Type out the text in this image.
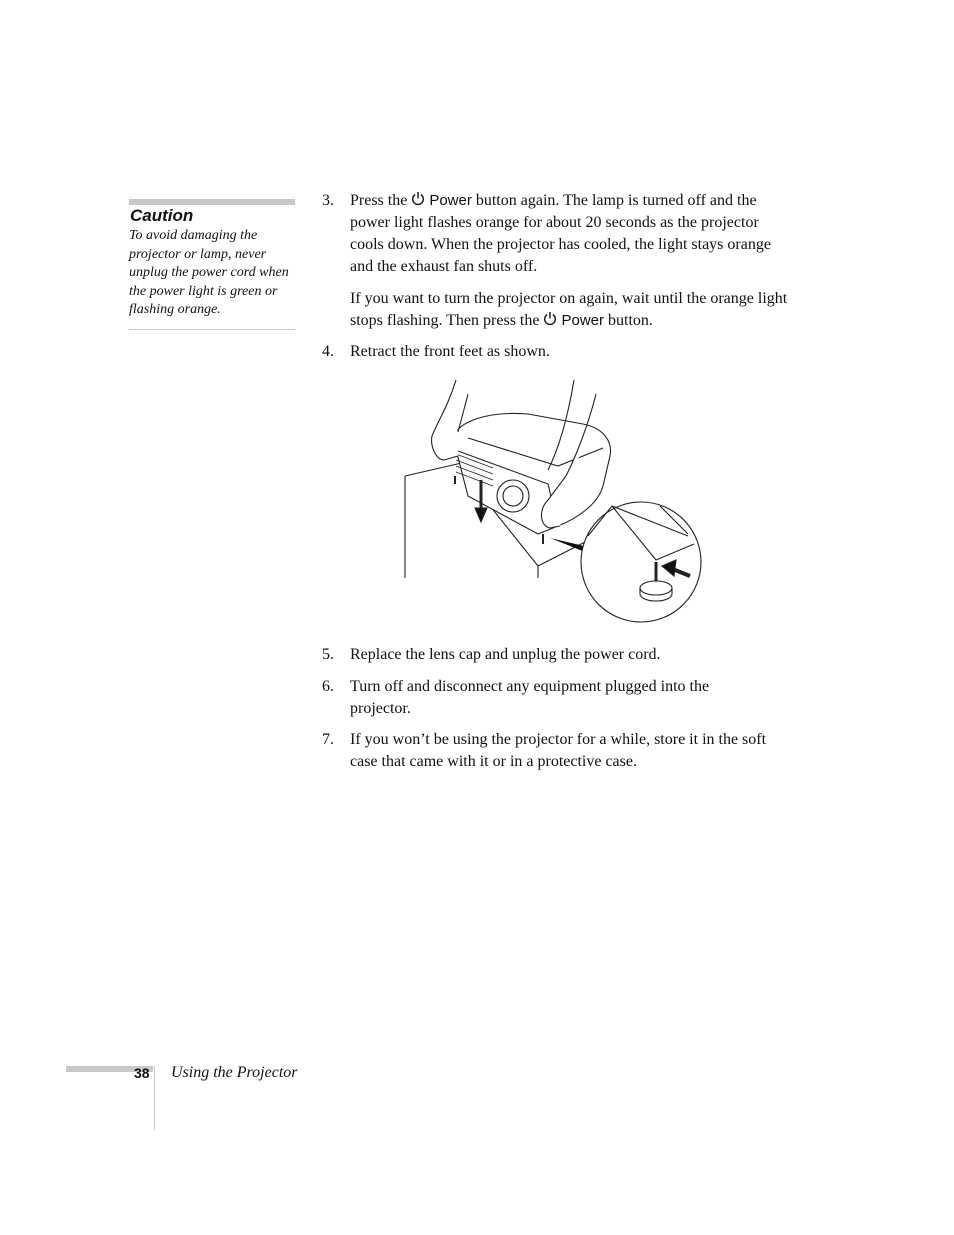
Caution
To avoid damaging the projector or lamp, never unplug the power cord when the power light is green or flashing orange.
3. Press the Power button again. The lamp is turned off and the power light flashes orange for about 20 seconds as the projector cools down. When the projector has cooled, the light stays orange and the exhaust fan shuts off.
If you want to turn the projector on again, wait until the orange light stops flashing. Then press the Power button.
4. Retract the front feet as shown.
5. Replace the lens cap and unplug the power cord.
6. Turn off and disconnect any equipment plugged into the projector.
7. If you won’t be using the projector for a while, store it in the soft case that came with it or in a protective case.
38 Using the Projector
